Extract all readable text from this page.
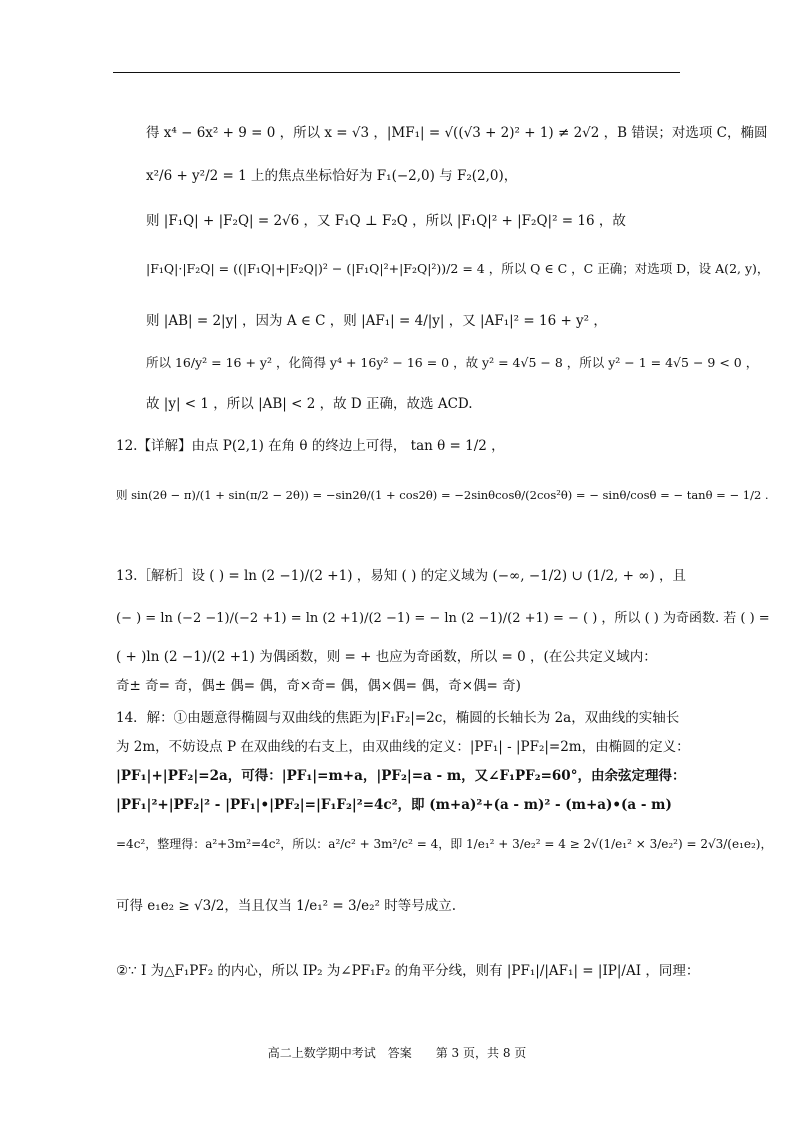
得 x⁴ − 6x² + 9 = 0 ，所以 x = √3 ，|MF₁| = √((√3 + 2)² + 1) ≠ 2√2 ，B 错误；对选项 C，椭圆
x²/6 + y²/2 = 1 上的焦点坐标恰好为 F₁(−2,0) 与 F₂(2,0)，
则 |F₁Q| + |F₂Q| = 2√6 ，又 F₁Q ⊥ F₂Q ，所以 |F₁Q|² + |F₂Q|² = 16 ，故
|F₁Q|·|F₂Q| = ((|F₁Q|+|F₂Q|)² − (|F₁Q|²+|F₂Q|²))/2 = 4 ，所以 Q ∈ C ，C 正确；对选项 D，设 A(2, y)，
则 |AB| = 2|y| ，因为 A ∈ C ，则 |AF₁| = 4/|y| ，又 |AF₁|² = 16 + y² ，
所以 16/y² = 16 + y² ，化简得 y⁴ + 16y² − 16 = 0 ，故 y² = 4√5 − 8 ，所以 y² − 1 = 4√5 − 9 < 0 ，
故 |y| < 1 ，所以 |AB| < 2 ，故 D 正确，故选 ACD.
12.【详解】由点 P(2,1) 在角 θ 的终边上可得， tan θ = 1/2 ，
则 sin(2θ − π)/(1 + sin(π/2 − 2θ)) = −sin2θ/(1 + cos2θ) = −2sinθcosθ/(2cos²θ) = − sinθ/cosθ = − tanθ = − 1/2 .
13.［解析］设 ( ) = ln (2 −1)/(2 +1) ，易知 ( ) 的定义域为 (−∞, −1/2) ∪ (1/2, + ∞) ，且
(− ) = ln (−2 −1)/(−2 +1) = ln (2 +1)/(2 −1) = − ln (2 −1)/(2 +1) = − ( ) ，所以 ( ) 为奇函数. 若 ( ) =
( + )ln (2 −1)/(2 +1) 为偶函数，则 = + 也应为奇函数，所以 = 0 ，(在公共定义域内：
奇± 奇= 奇，偶± 偶= 偶，奇×奇= 偶，偶×偶= 偶，奇×偶= 奇)
14．解：①由题意得椭圆与双曲线的焦距为|F₁F₂|=2c，椭圆的长轴长为 2a，双曲线的实轴长
为 2m，不妨设点 P 在双曲线的右支上，由双曲线的定义：|PF₁| - |PF₂|=2m，由椭圆的定义：
|PF₁|+|PF₂|=2a，可得：|PF₁|=m+a，|PF₂|=a - m，又∠F₁PF₂=60°，由余弦定理得：
|PF₁|²+|PF₂|² - |PF₁|•|PF₂|=|F₁F₂|²=4c²，即 (m+a)²+(a - m)² - (m+a)•(a - m)
=4c²，整理得：a²+3m²=4c²，所以：a²/c² + 3m²/c² = 4，即 1/e₁² + 3/e₂² = 4 ≥ 2√(1/e₁² × 3/e₂²) = 2√3/(e₁e₂)，
可得 e₁e₂ ≥ √3/2，当且仅当 1/e₁² = 3/e₂² 时等号成立.
②∵ I 为△F₁PF₂ 的内心，所以 IP₂ 为∠PF₁F₂ 的角平分线，则有 |PF₁|/|AF₁| = |IP|/AI ，同理：
高二上数学期中考试　答案　　第 3 页，共 8 页
